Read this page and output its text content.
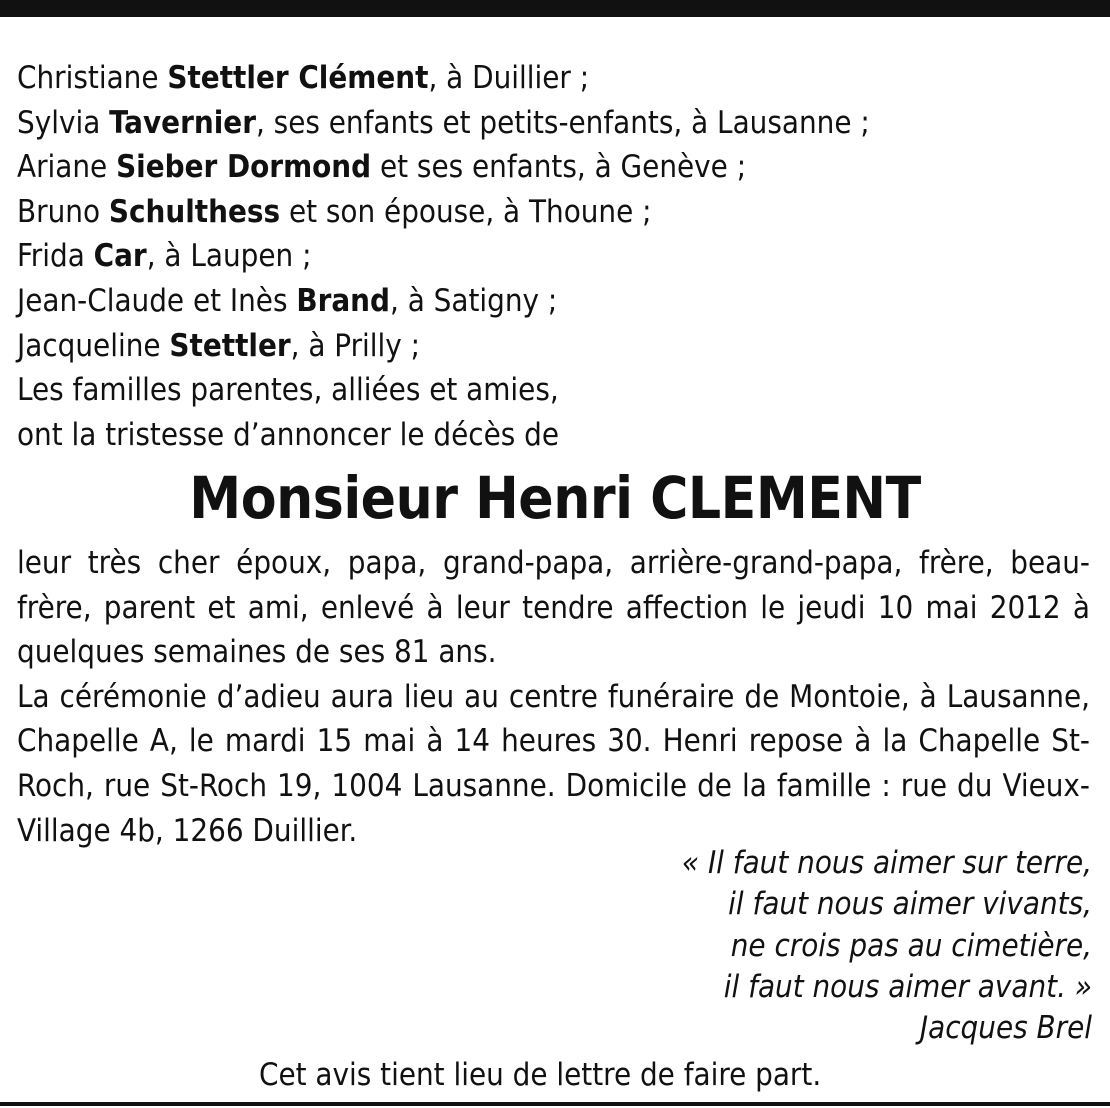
Christiane Stettler Clément, à Duillier ;
Sylvia Tavernier, ses enfants et petits-enfants, à Lausanne ;
Ariane Sieber Dormond et ses enfants, à Genève ;
Bruno Schulthess et son épouse, à Thoune ;
Frida Car, à Laupen ;
Jean-Claude et Inès Brand, à Satigny ;
Jacqueline Stettler, à Prilly ;
Les familles parentes, alliées et amies,
ont la tristesse d’annoncer le décès de
Monsieur Henri CLEMENT

leur très cher époux, papa, grand-papa, arrière-grand-papa, frère, beau-frère, parent et ami, enlevé à leur tendre affection le jeudi 10 mai 2012 à quelques semaines de ses 81 ans.

La cérémonie d’adieu aura lieu au centre funéraire de Montoie, à Lausanne, Chapelle A, le mardi 15 mai à 14 heures 30. Henri repose à la Chapelle St-Roch, rue St-Roch 19, 1004 Lausanne. Domicile de la famille : rue du Vieux-Village 4b, 1266 Duillier.

« Il faut nous aimer sur terre,
il faut nous aimer vivants,
ne crois pas au cimetière,
il faut nous aimer avant. »
Jacques Brel
Cet avis tient lieu de lettre de faire part.
